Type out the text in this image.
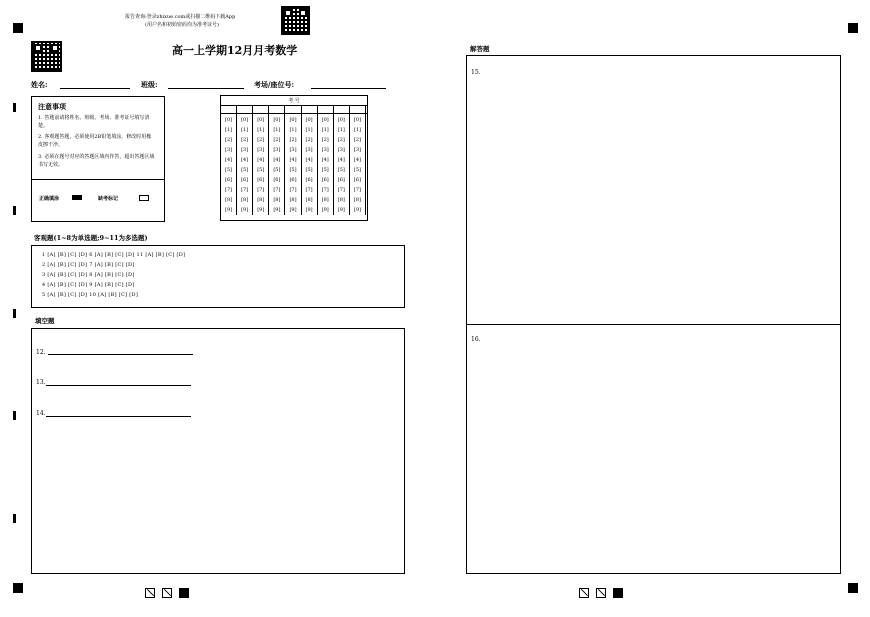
报告查询:登录zhixue.com或扫描二维码下载App
(用户名和初始密码均为准考证号)
高一上学期12月月考数学
姓名:	班级:	考场/座位号:
注意事项
1. 答题前请将姓名、班级、考场、准考证号填写清楚。
2. 客观题答题，必须使用2B铅笔填涂，修改时用橡皮擦干净。
3. 必须在题号对应的答题区域内作答，超出答题区域书写无效。
正确填涂	缺考标记
考 号

[0]	[0]	[0]	[0]	[0]	[0]	[0]	[0]	[0]
[1]	[1]	[1]	[1]	[1]	[1]	[1]	[1]	[1]
[2]	[2]	[2]	[2]	[2]	[2]	[2]	[2]	[2]
[3]	[3]	[3]	[3]	[3]	[3]	[3]	[3]	[3]
[4]	[4]	[4]	[4]	[4]	[4]	[4]	[4]	[4]
[5]	[5]	[5]	[5]	[5]	[5]	[5]	[5]	[5]
[6]	[6]	[6]	[6]	[6]	[6]	[6]	[6]	[6]
[7]	[7]	[7]	[7]	[7]	[7]	[7]	[7]	[7]
[8]	[8]	[8]	[8]	[8]	[8]	[8]	[8]	[8]
[9]	[9]	[9]	[9]	[9]	[9]	[9]	[9]	[9]
客观题(1~8为单选题;9~11为多选题)
1 [A] [B] [C] [D] 6 [A] [B] [C] [D] 11 [A] [B] [C] [D]
2 [A] [B] [C] [D] 7 [A] [B] [C] [D]
3 [A] [B] [C] [D] 8 [A] [B] [C] [D]
4 [A] [B] [C] [D] 9 [A] [B] [C] [D]
5 [A] [B] [C] [D] 10 [A] [B] [C] [D]
填空题
12.
13.
14.
解答题
15.
16.
